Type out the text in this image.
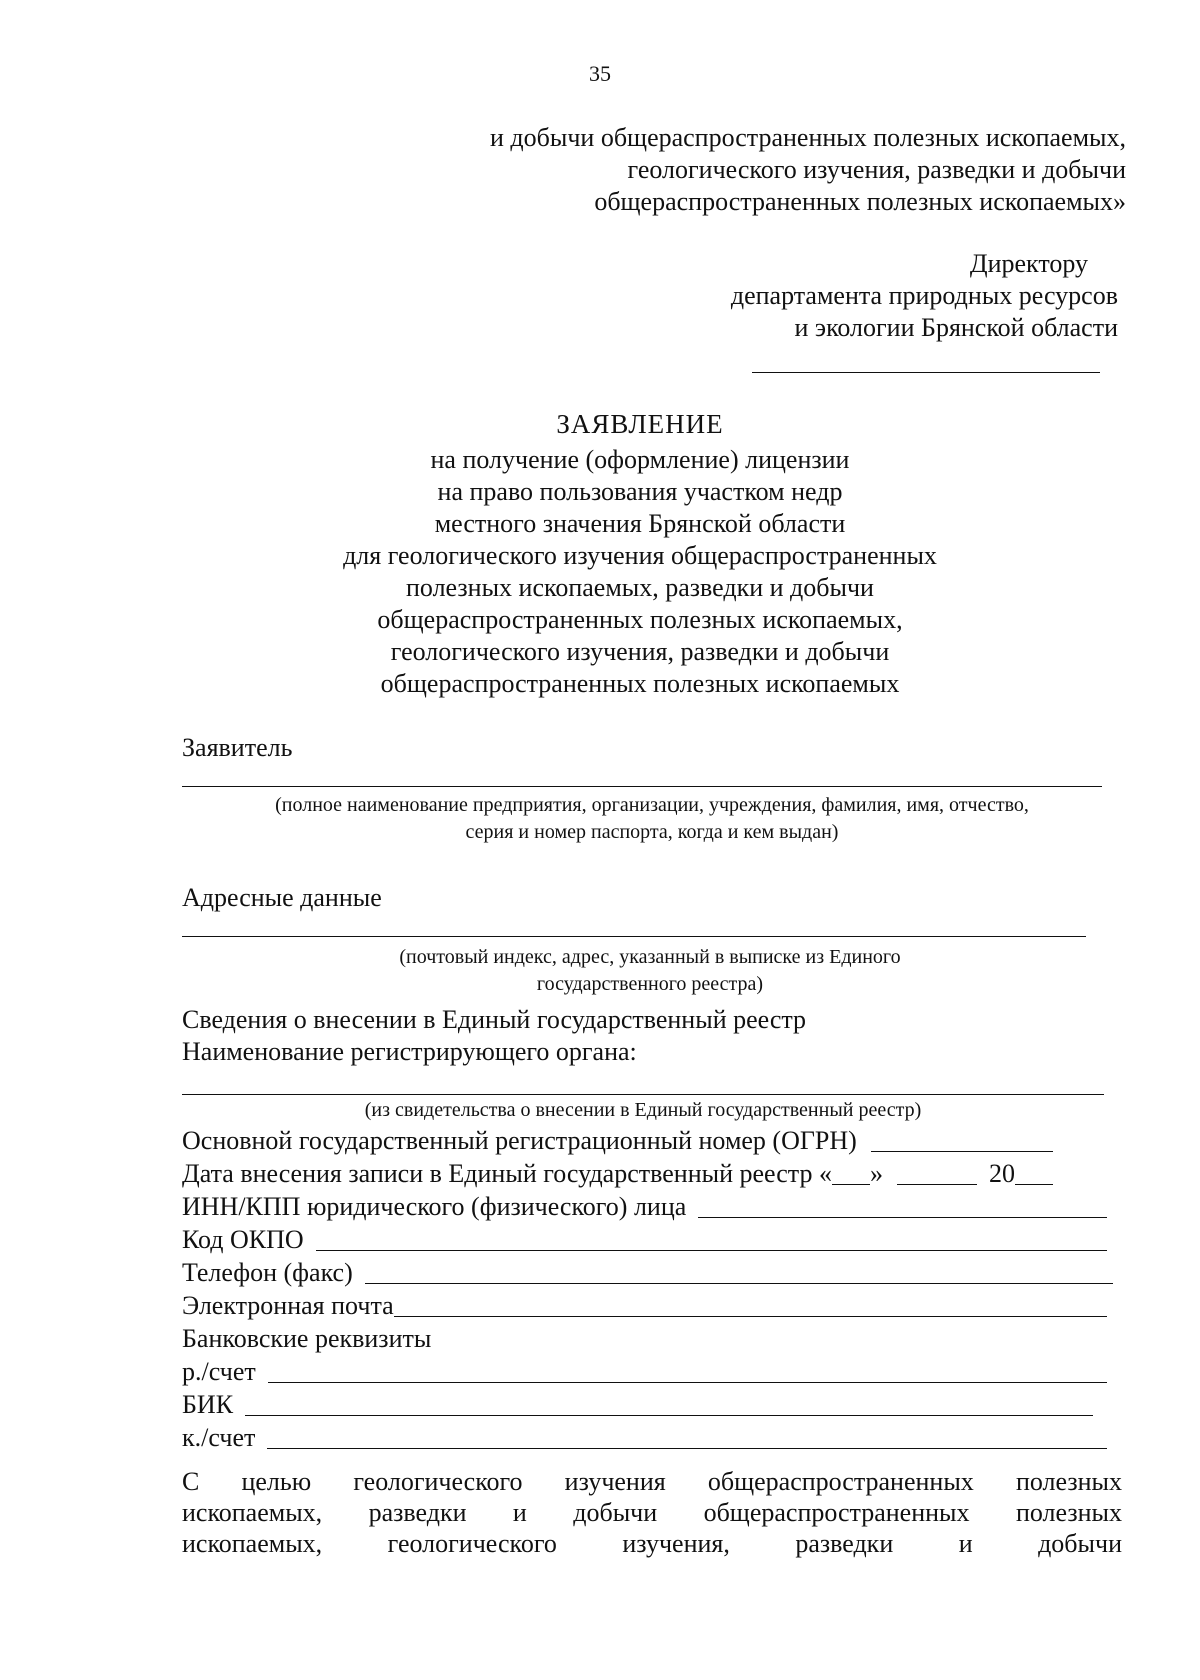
35
и добычи общераспространенных полезных ископаемых,
геологического изучения, разведки и добычи
общераспространенных полезных ископаемых»
Директору
департамента природных ресурсов
и экологии Брянской области
ЗАЯВЛЕНИЕ
на получение (оформление) лицензии
на право пользования участком недр
местного значения Брянской области
для геологического изучения общераспространенных
полезных ископаемых, разведки и добычи
общераспространенных полезных ископаемых,
геологического изучения, разведки и добычи
общераспространенных полезных ископаемых
Заявитель
(полное наименование предприятия, организации, учреждения, фамилия, имя, отчество,
серия и номер паспорта, когда и кем выдан)
Адресные данные
(почтовый индекс, адрес, указанный в выписке из Единого
государственного реестра)
Сведения о внесении в Единый государственный реестр
Наименование регистрирующего органа:
(из свидетельства о внесении в Единый государственный реестр)
Основной государственный регистрационный номер (ОГРН)
Дата внесения записи в Единый государственный реестр « »	20
ИНН/КПП юридического (физического) лица
Код ОКПО
Телефон (факс)
Электронная почта
Банковские реквизиты
р./счет
БИК
к./счет
С целью геологического изучения общераспространенных полезных
ископаемых, разведки и добычи общераспространенных полезных
ископаемых, геологического изучения, разведки и добычи
